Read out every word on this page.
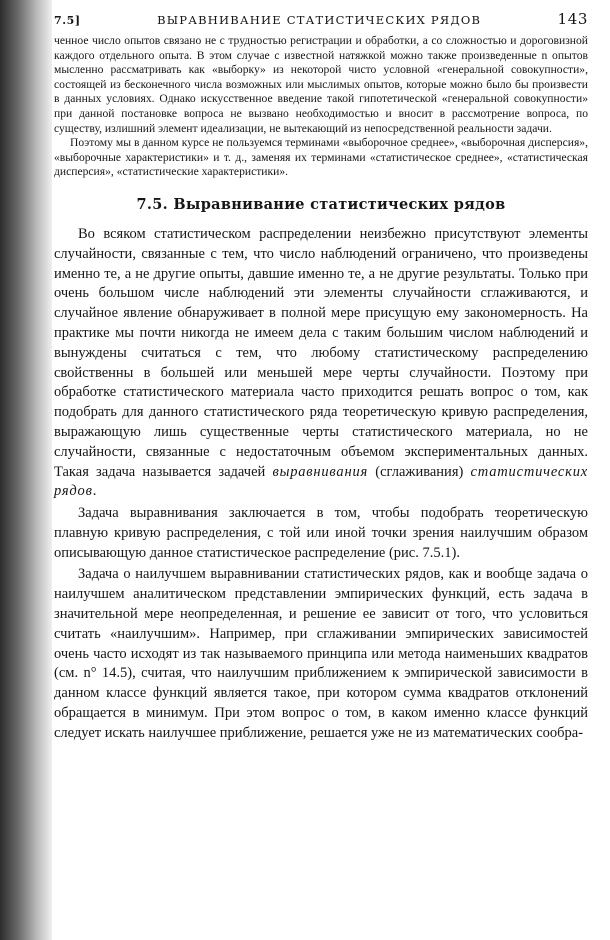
7.5]	ВЫРАВНИВАНИЕ СТАТИСТИЧЕСКИХ РЯДОВ	143

ченное число опытов связано не с трудностью регистрации и обработки, а со сложностью и дороговизной каждого отдельного опыта. В этом случае с известной натяжкой можно также произведенные n опытов мысленно рассматривать как «выборку» из некоторой чисто условной «генеральной совокупности», состоящей из бесконечного числа возможных или мыслимых опытов, которые можно было бы произвести в данных условиях. Однако искусственное введение такой гипотетической «генеральной совокупности» при данной постановке вопроса не вызвано необходимостью и вносит в рассмотрение вопроса, по существу, излишний элемент идеализации, не вытекающий из непосредственной реальности задачи.

Поэтому мы в данном курсе не пользуемся терминами «выборочное среднее», «выборочная дисперсия», «выборочные характеристики» и т. д., заменяя их терминами «статистическое среднее», «статистическая дисперсия», «статистические характеристики».

7.5. Выравнивание статистических рядов

Во всяком статистическом распределении неизбежно присутствуют элементы случайности, связанные с тем, что число наблюдений ограничено, что произведены именно те, а не другие опыты, давшие именно те, а не другие результаты. Только при очень большом числе наблюдений эти элементы случайности сглаживаются, и случайное явление обнаруживает в полной мере присущую ему закономерность. На практике мы почти никогда не имеем дела с таким большим числом наблюдений и вынуждены считаться с тем, что любому статистическому распределению свойственны в большей или меньшей мере черты случайности. Поэтому при обработке статистического материала часто приходится решать вопрос о том, как подобрать для данного статистического ряда теоретическую кривую распределения, выражающую лишь существенные черты статистического материала, но не случайности, связанные с недостаточным объемом экспериментальных данных. Такая задача называется задачей выравнивания (сглаживания) статистических рядов.

Задача выравнивания заключается в том, чтобы подобрать теоретическую плавную кривую распределения, с той или иной точки зрения наилучшим образом описывающую данное статистическое распределение (рис. 7.5.1).

Задача о наилучшем выравнивании статистических рядов, как и вообще задача о наилучшем аналитическом представлении эмпирических функций, есть задача в значительной мере неопределенная, и решение ее зависит от того, что условиться считать «наилучшим». Например, при сглаживании эмпирических зависимостей очень часто исходят из так называемого принципа или метода наименьших квадратов (см. n° 14.5), считая, что наилучшим приближением к эмпирической зависимости в данном классе функций является такое, при котором сумма квадратов отклонений обращается в минимум. При этом вопрос о том, в каком именно классе функций следует искать наилучшее приближение, решается уже не из математических сообра-
